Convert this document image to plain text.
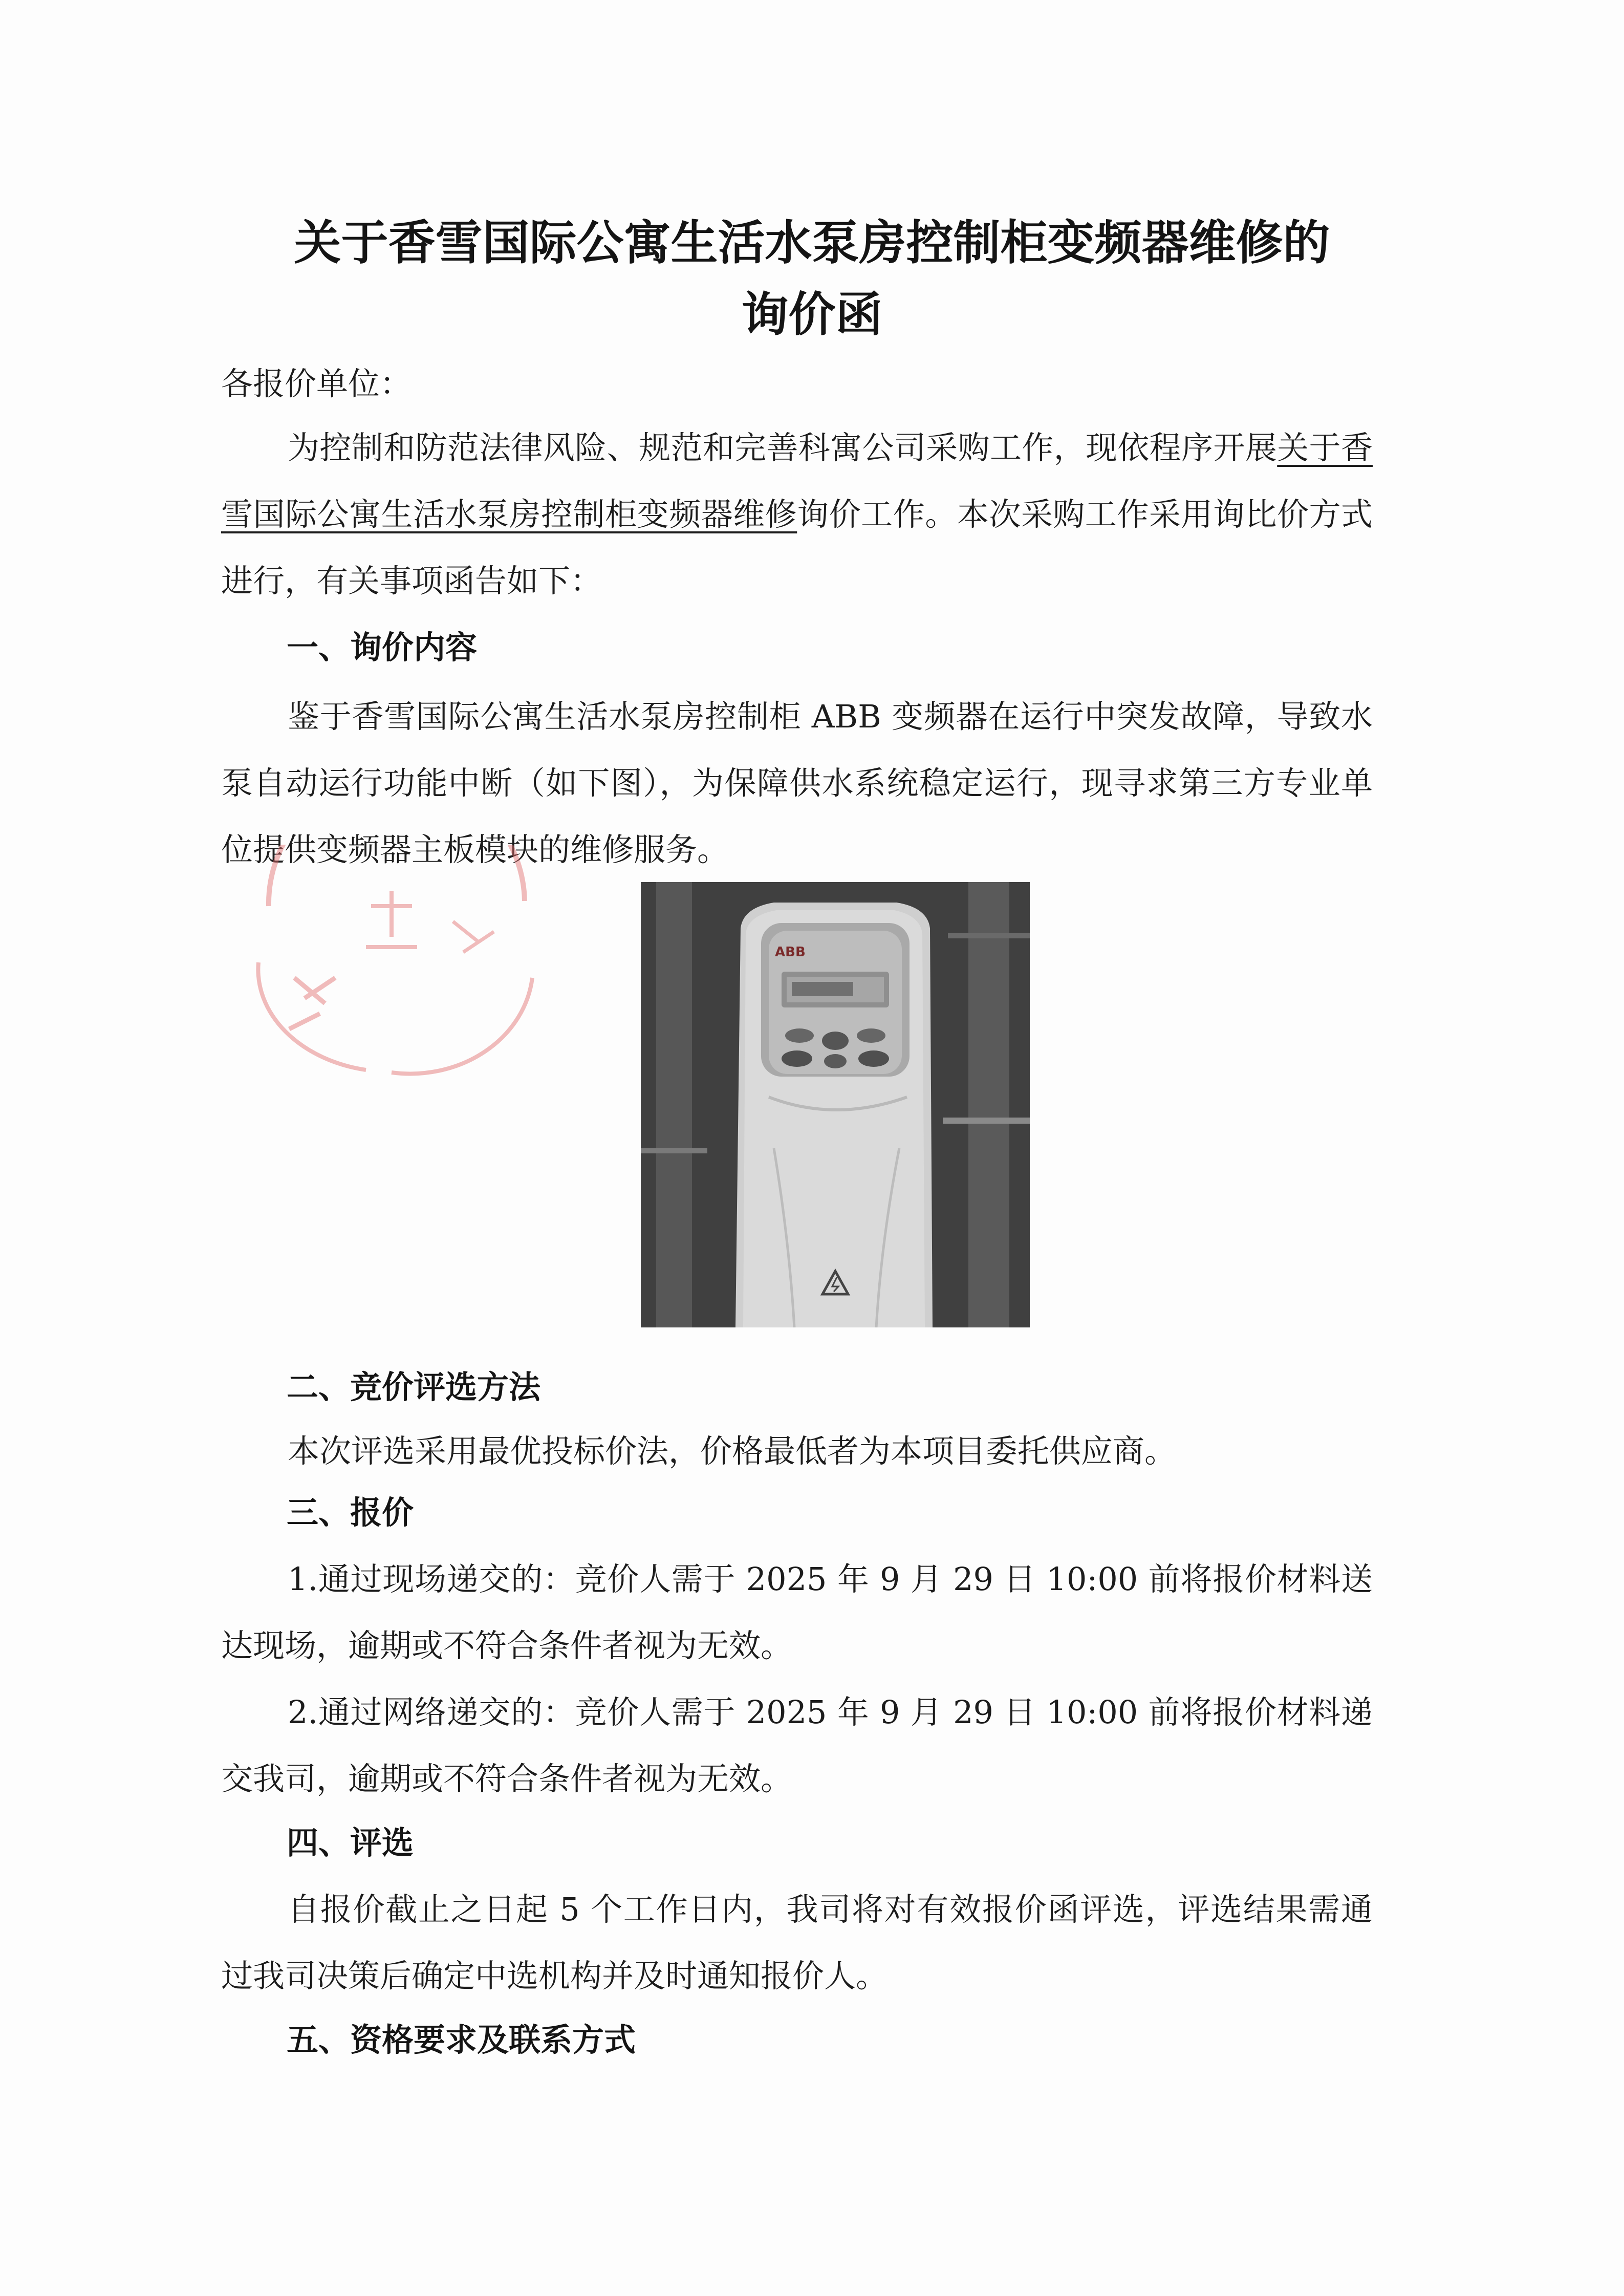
关于香雪国际公寓生活水泵房控制柜变频器维修的
询价函

各报价单位：

为控制和防范法律风险、规范和完善科寓公司采购工作，现依程序开展关于香雪国际公寓生活水泵房控制柜变频器维修询价工作。本次采购工作采用询比价方式进行，有关事项函告如下：

一、询价内容

鉴于香雪国际公寓生活水泵房控制柜 ABB 变频器在运行中突发故障，导致水泵自动运行功能中断（如下图），为保障供水系统稳定运行，现寻求第三方专业单位提供变频器主板模块的维修服务。

ABB
二、竞价评选方法

本次评选采用最优投标价法，价格最低者为本项目委托供应商。

三、报价

1.通过现场递交的：竞价人需于 2025 年 9 月 29 日 10:00 前将报价材料送达现场，逾期或不符合条件者视为无效。

2.通过网络递交的：竞价人需于 2025 年 9 月 29 日 10:00 前将报价材料递交我司，逾期或不符合条件者视为无效。

四、评选

自报价截止之日起 5 个工作日内，我司将对有效报价函评选，评选结果需通过我司决策后确定中选机构并及时通知报价人。

五、资格要求及联系方式
